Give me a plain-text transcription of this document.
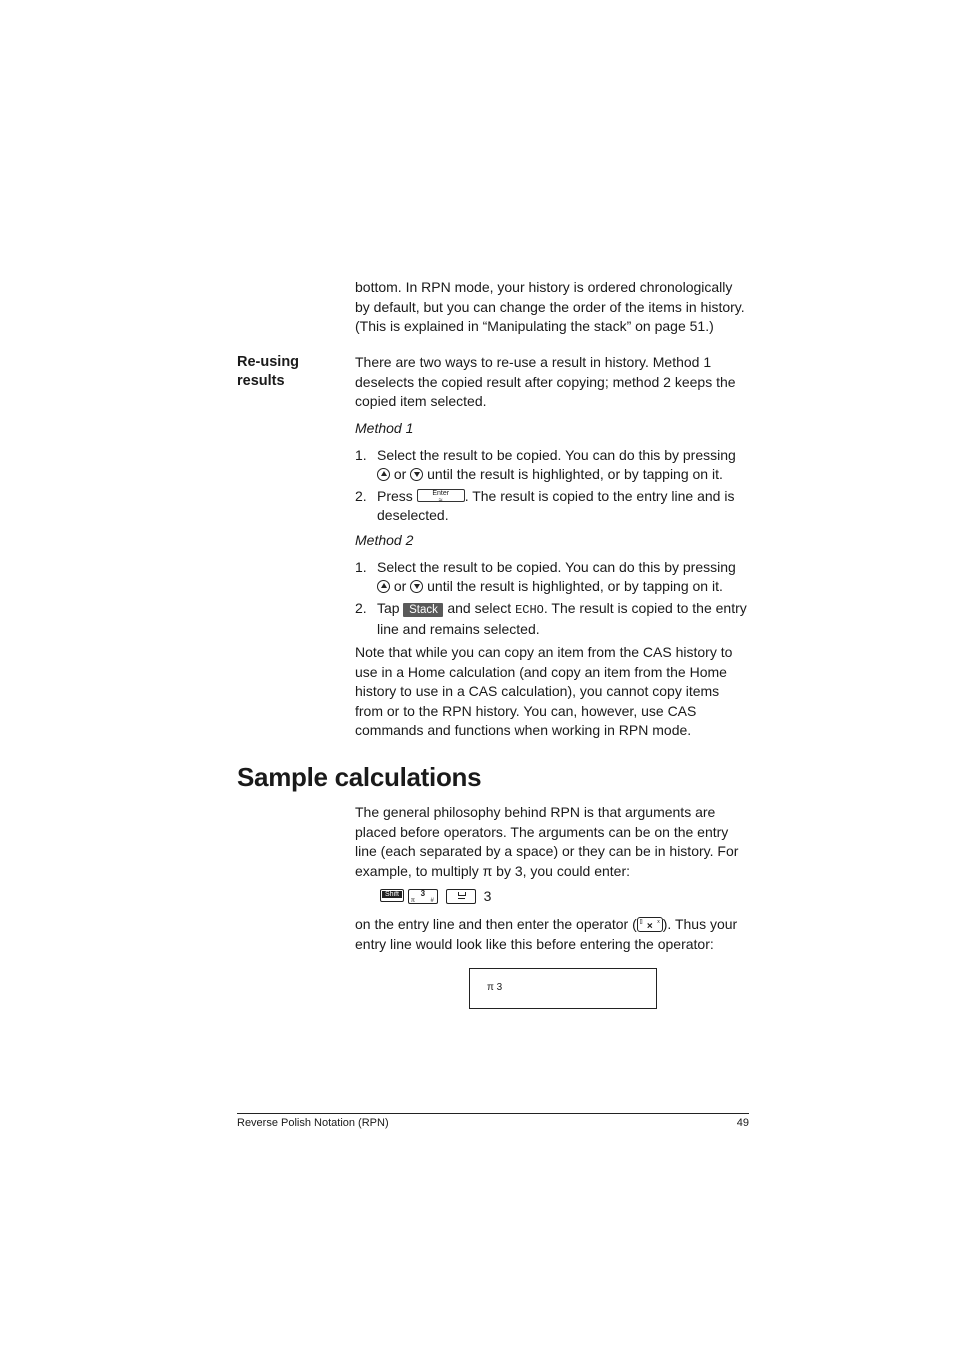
bottom. In RPN mode, your history is ordered chronologically by default, but you can change the order of the items in history. (This is explained in “Manipulating the stack” on page 51.)
Re-using results
There are two ways to re-use a result in history. Method 1 deselects the copied result after copying; method 2 keeps the copied item selected.
Method 1
1. Select the result to be copied. You can do this by pressing

or until the result is highlighted, or by tapping on it.
2. Press	Enter
≈	. The result is copied to the entry line and is deselected.
Method 2
1. Select the result to be copied. You can do this by pressing

or until the result is highlighted, or by tapping on it.
2. Tap Stack and select ECHO. The result is copied to the entry line and remains selected.
Note that while you can copy an item from the CAS history to use in a Home calculation (and copy an item from the Home history to use in a CAS calculation), you cannot copy items from or to the RPN history. You can, however, use CAS commands and functions when working in RPN mode.
Sample calculations
The general philosophy behind RPN is that arguments are placed before operators. The arguments can be on the entry line (each separated by a space) or they can be in history. For example, to multiply π by 3, you could enter:
Shift
	3
π	#
	3
on the entry line and then enter the operator (	×
[]	x ). Thus your entry line would look like this before entering the operator:
π 3
Reverse Polish Notation (RPN)	49
